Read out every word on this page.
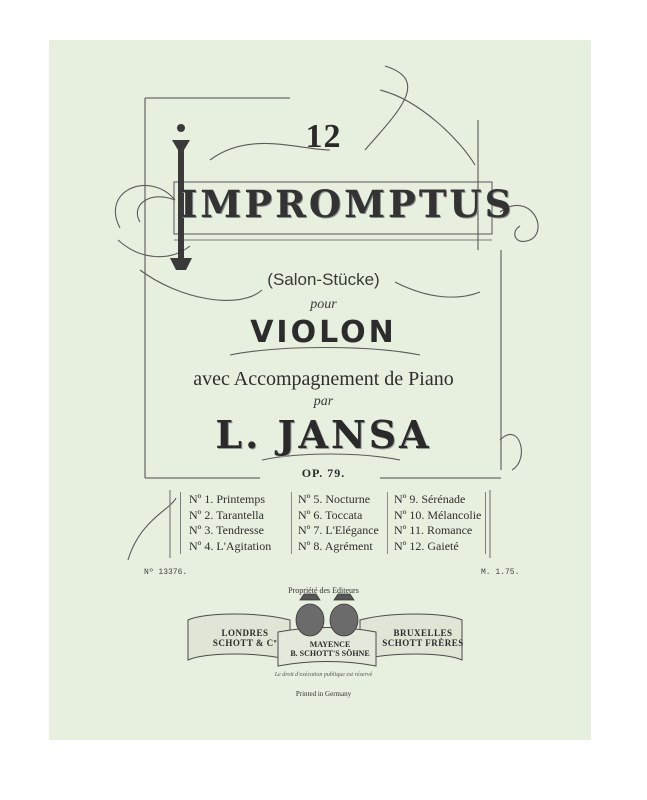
12
IMPROMPTUS
(Salon-Stücke)
pour
VIOLON
avec Accompagnement de Piano
par
L. JANSA
OP. 79.
Nº 1. Printemps
Nº 2. Tarantella
Nº 3. Tendresse
Nº 4. L'Agitation
Nº 5. Nocturne
Nº 6. Toccata
Nº 7. L'Elégance
Nº 8. Agrément
Nº 9. Sérénade
Nº 10. Mélancolie
Nº 11. Romance
Nº 12. Gaieté
Nº 13376.	M. 1.75.
Propriété des Editeurs
LONDRES
SCHOTT & Cº	MAYENCE
B. SCHOTT'S SÖHNE
BRUXELLES
SCHOTT FRÈRES
Le droit d'exécution publique est réservé
Printed in Germany
